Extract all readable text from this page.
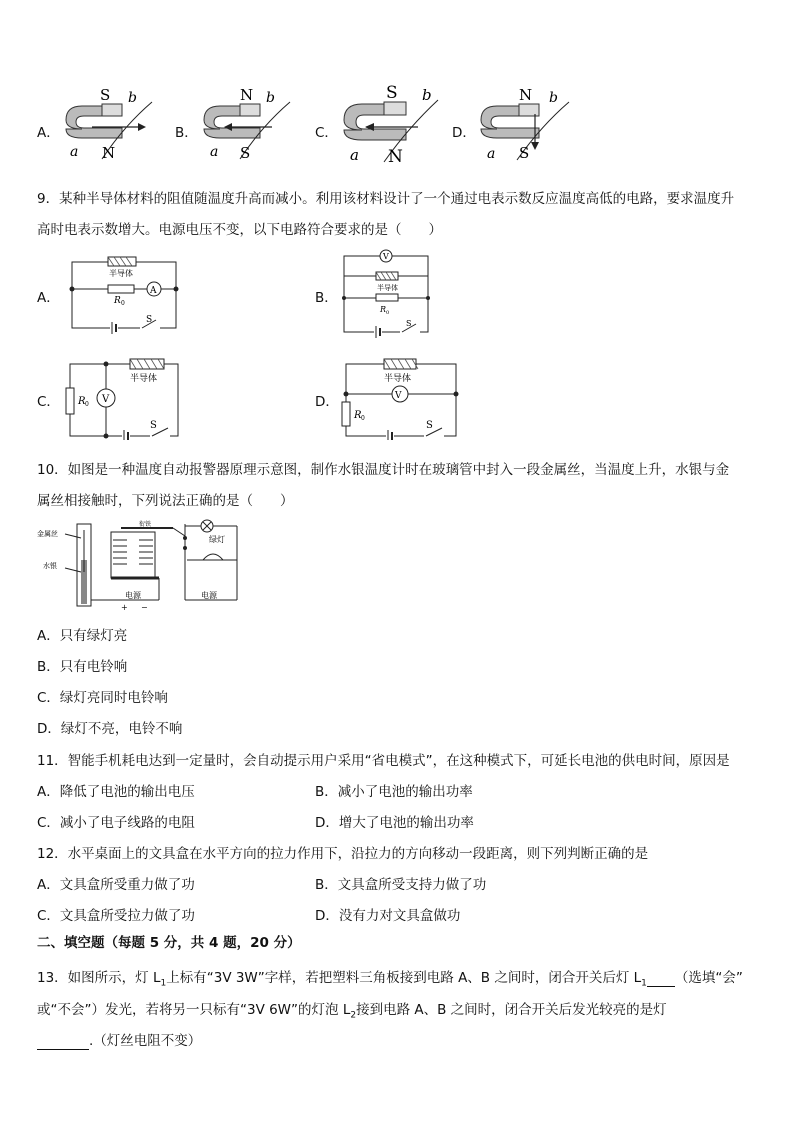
A．
S
N
a
b
B．
N
S
a
b
C．
S
N
a
b
D．
N
S
a
b
9．某种半导体材料的阻值随温度升高而减小。利用该材料设计了一个通过电表示数反应温度高低的电路，要求温度升
高时电表示数增大。电源电压不变，以下电路符合要求的是（　　）
A．
半导体
R 0
A
S
B．
V
半导体
R 0
S
C．
半导体
R 0 V
S
D．
半导体
R 0
V
S
10．如图是一种温度自动报警器原理示意图，制作水银温度计时在玻璃管中封入一段金属丝，当温度上升，水银与金
属丝相接触时，下列说法正确的是（　　）
金属丝
水银
衔铁
绿灯
电源	电源
+ −
A．只有绿灯亮
B．只有电铃响
C．绿灯亮同时电铃响
D．绿灯不亮，电铃不响
11．智能手机耗电达到一定量时，会自动提示用户采用“省电模式”，在这种模式下，可延长电池的供电时间，原因是
A．降低了电池的输出电压	B．减小了电池的输出功率
C．减小了电子线路的电阻	D．增大了电池的输出功率
12．水平桌面上的文具盒在水平方向的拉力作用下，沿拉力的方向移动一段距离，则下列判断正确的是
A．文具盒所受重力做了功	B．文具盒所受支持力做了功
C．文具盒所受拉力做了功	D．没有力对文具盒做功
二、填空题（每题 5 分，共 4 题，20 分）
13．如图所示，灯 $L_1$上标有“3V 3W”字样，若把塑料三角板接到电路 A、B 之间时，闭合开关后灯 $L_1$ （选填“会”
或“不会”）发光，若将另一只标有“3V 6W”的灯泡 $L_2$接到电路 A、B 之间时，闭合开关后发光较亮的是灯
.（灯丝电阻不变）
